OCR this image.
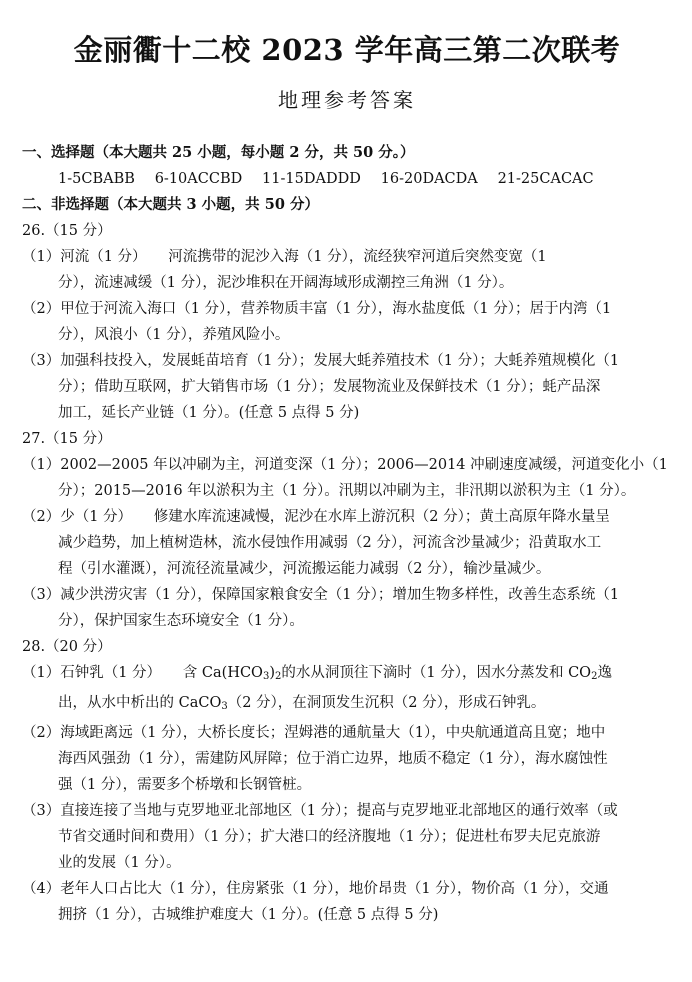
金丽衢十二校 2023 学年高三第二次联考
地理参考答案
一、选择题（本大题共 25 小题，每小题 2 分，共 50 分。）
1-5CBABB   6-10ACCBD   11-15DADDD   16-20DACDA   21-25CACAC
二、非选择题（本大题共 3 小题，共 50 分）
26.（15 分）
（1）河流（1 分）　　河流携带的泥沙入海（1 分），流经狭窄河道后突然变宽（1
分），流速减缓（1 分），泥沙堆积在开阔海域形成潮控三角洲（1 分）。
（2）甲位于河流入海口（1 分），营养物质丰富（1 分），海水盐度低（1 分）；居于内湾（1
分），风浪小（1 分），养殖风险小。
（3）加强科技投入，发展蚝苗培育（1 分）；发展大蚝养殖技术（1 分）；大蚝养殖规模化（1
分）；借助互联网，扩大销售市场（1 分）；发展物流业及保鲜技术（1 分）；蚝产品深
加工，延长产业链（1 分）。(任意 5 点得 5 分)
27.（15 分）
（1）2002—2005 年以冲刷为主，河道变深（1 分）；2006—2014 冲刷速度减缓，河道变化小（1
分）；2015—2016 年以淤积为主（1 分）。汛期以冲刷为主，非汛期以淤积为主（1 分）。
（2）少（1 分）　　修建水库流速减慢，泥沙在水库上游沉积（2 分）；黄土高原年降水量呈
减少趋势，加上植树造林，流水侵蚀作用减弱（2 分），河流含沙量减少；沿黄取水工
程（引水灌溉），河流径流量减少，河流搬运能力减弱（2 分），输沙量减少。
（3）减少洪涝灾害（1 分），保障国家粮食安全（1 分）；增加生物多样性，改善生态系统（1
分），保护国家生态环境安全（1 分）。
28.（20 分）
（1）石钟乳（1 分）　　含 $Ca(HCO_3)_2$的水从洞顶往下滴时（1 分），因水分蒸发和 $CO_2$逸
出，从水中析出的 CaCO$_3$（2 分），在洞顶发生沉积（2 分），形成石钟乳。
（2）海域距离远（1 分），大桥长度长；涅姆港的通航量大（1），中央航通道高且宽；地中
海西风强劲（1 分），需建防风屏障；位于消亡边界，地质不稳定（1 分），海水腐蚀性
强（1 分），需要多个桥墩和长钢管桩。
（3）直接连接了当地与克罗地亚北部地区（1 分）；提高与克罗地亚北部地区的通行效率（或
节省交通时间和费用）（1 分）；扩大港口的经济腹地（1 分）；促进杜布罗夫尼克旅游
业的发展（1 分）。
（4）老年人口占比大（1 分），住房紧张（1 分），地价昂贵（1 分），物价高（1 分），交通
拥挤（1 分），古城维护难度大（1 分）。(任意 5 点得 5 分)
